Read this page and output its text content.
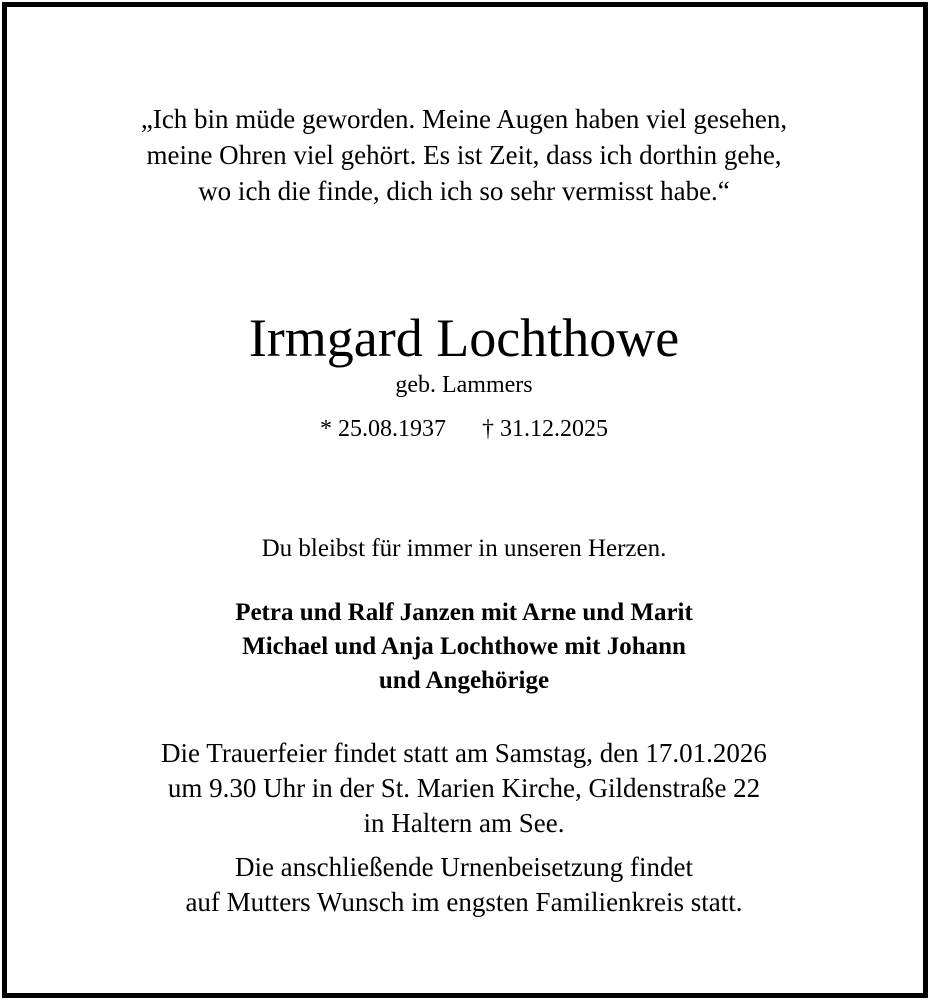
„Ich bin müde geworden. Meine Augen haben viel gesehen,
meine Ohren viel gehört. Es ist Zeit, dass ich dorthin gehe,
wo ich die finde, dich ich so sehr vermisst habe.“
Irmgard Lochthowe
geb. Lammers
* 25.08.1937 † 31.12.2025
Du bleibst für immer in unseren Herzen.
Petra und Ralf Janzen mit Arne und Marit
Michael und Anja Lochthowe mit Johann
und Angehörige
Die Trauerfeier findet statt am Samstag, den 17.01.2026
um 9.30 Uhr in der St. Marien Kirche, Gildenstraße 22
in Haltern am See.
Die anschließende Urnenbeisetzung findet
auf Mutters Wunsch im engsten Familienkreis statt.
